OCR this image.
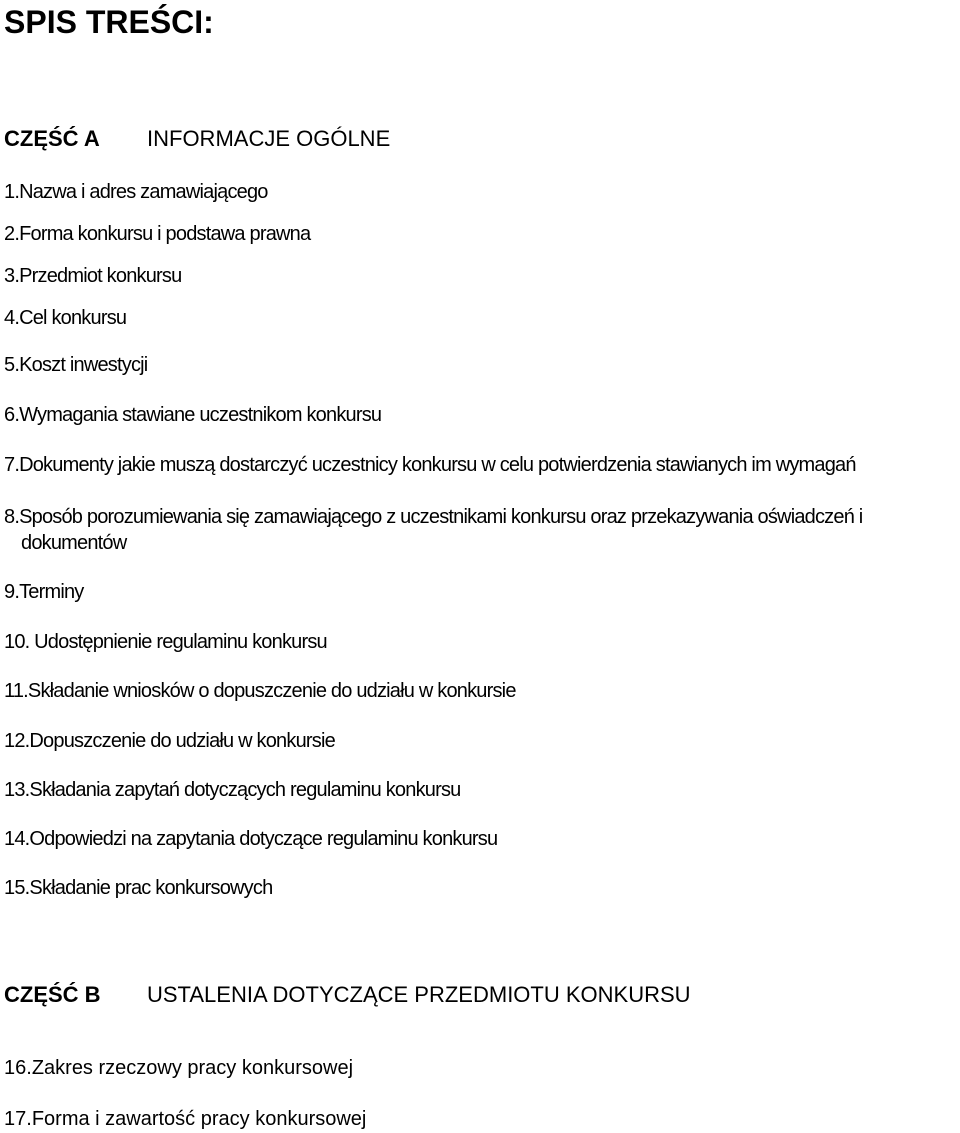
SPIS TREŚCI:
CZĘŚĆ A INFORMACJE OGÓLNE
1.Nazwa i adres zamawiającego
2.Forma konkursu i podstawa prawna
3.Przedmiot konkursu
4.Cel konkursu
5.Koszt inwestycji
6.Wymagania stawiane uczestnikom konkursu
7.Dokumenty jakie muszą dostarczyć uczestnicy konkursu w celu potwierdzenia stawianych im wymagań
8.Sposób porozumiewania się zamawiającego z uczestnikami konkursu oraz przekazywania oświadczeń i
dokumentów
9.Terminy
10. Udostępnienie regulaminu konkursu
11.Składanie wniosków o dopuszczenie do udziału w konkursie
12.Dopuszczenie do udziału w konkursie
13.Składania zapytań dotyczących regulaminu konkursu
14.Odpowiedzi na zapytania dotyczące regulaminu konkursu
15.Składanie prac konkursowych
CZĘŚĆ B USTALENIA DOTYCZĄCE PRZEDMIOTU KONKURSU
16.Zakres rzeczowy pracy konkursowej
17.Forma i zawartość pracy konkursowej
